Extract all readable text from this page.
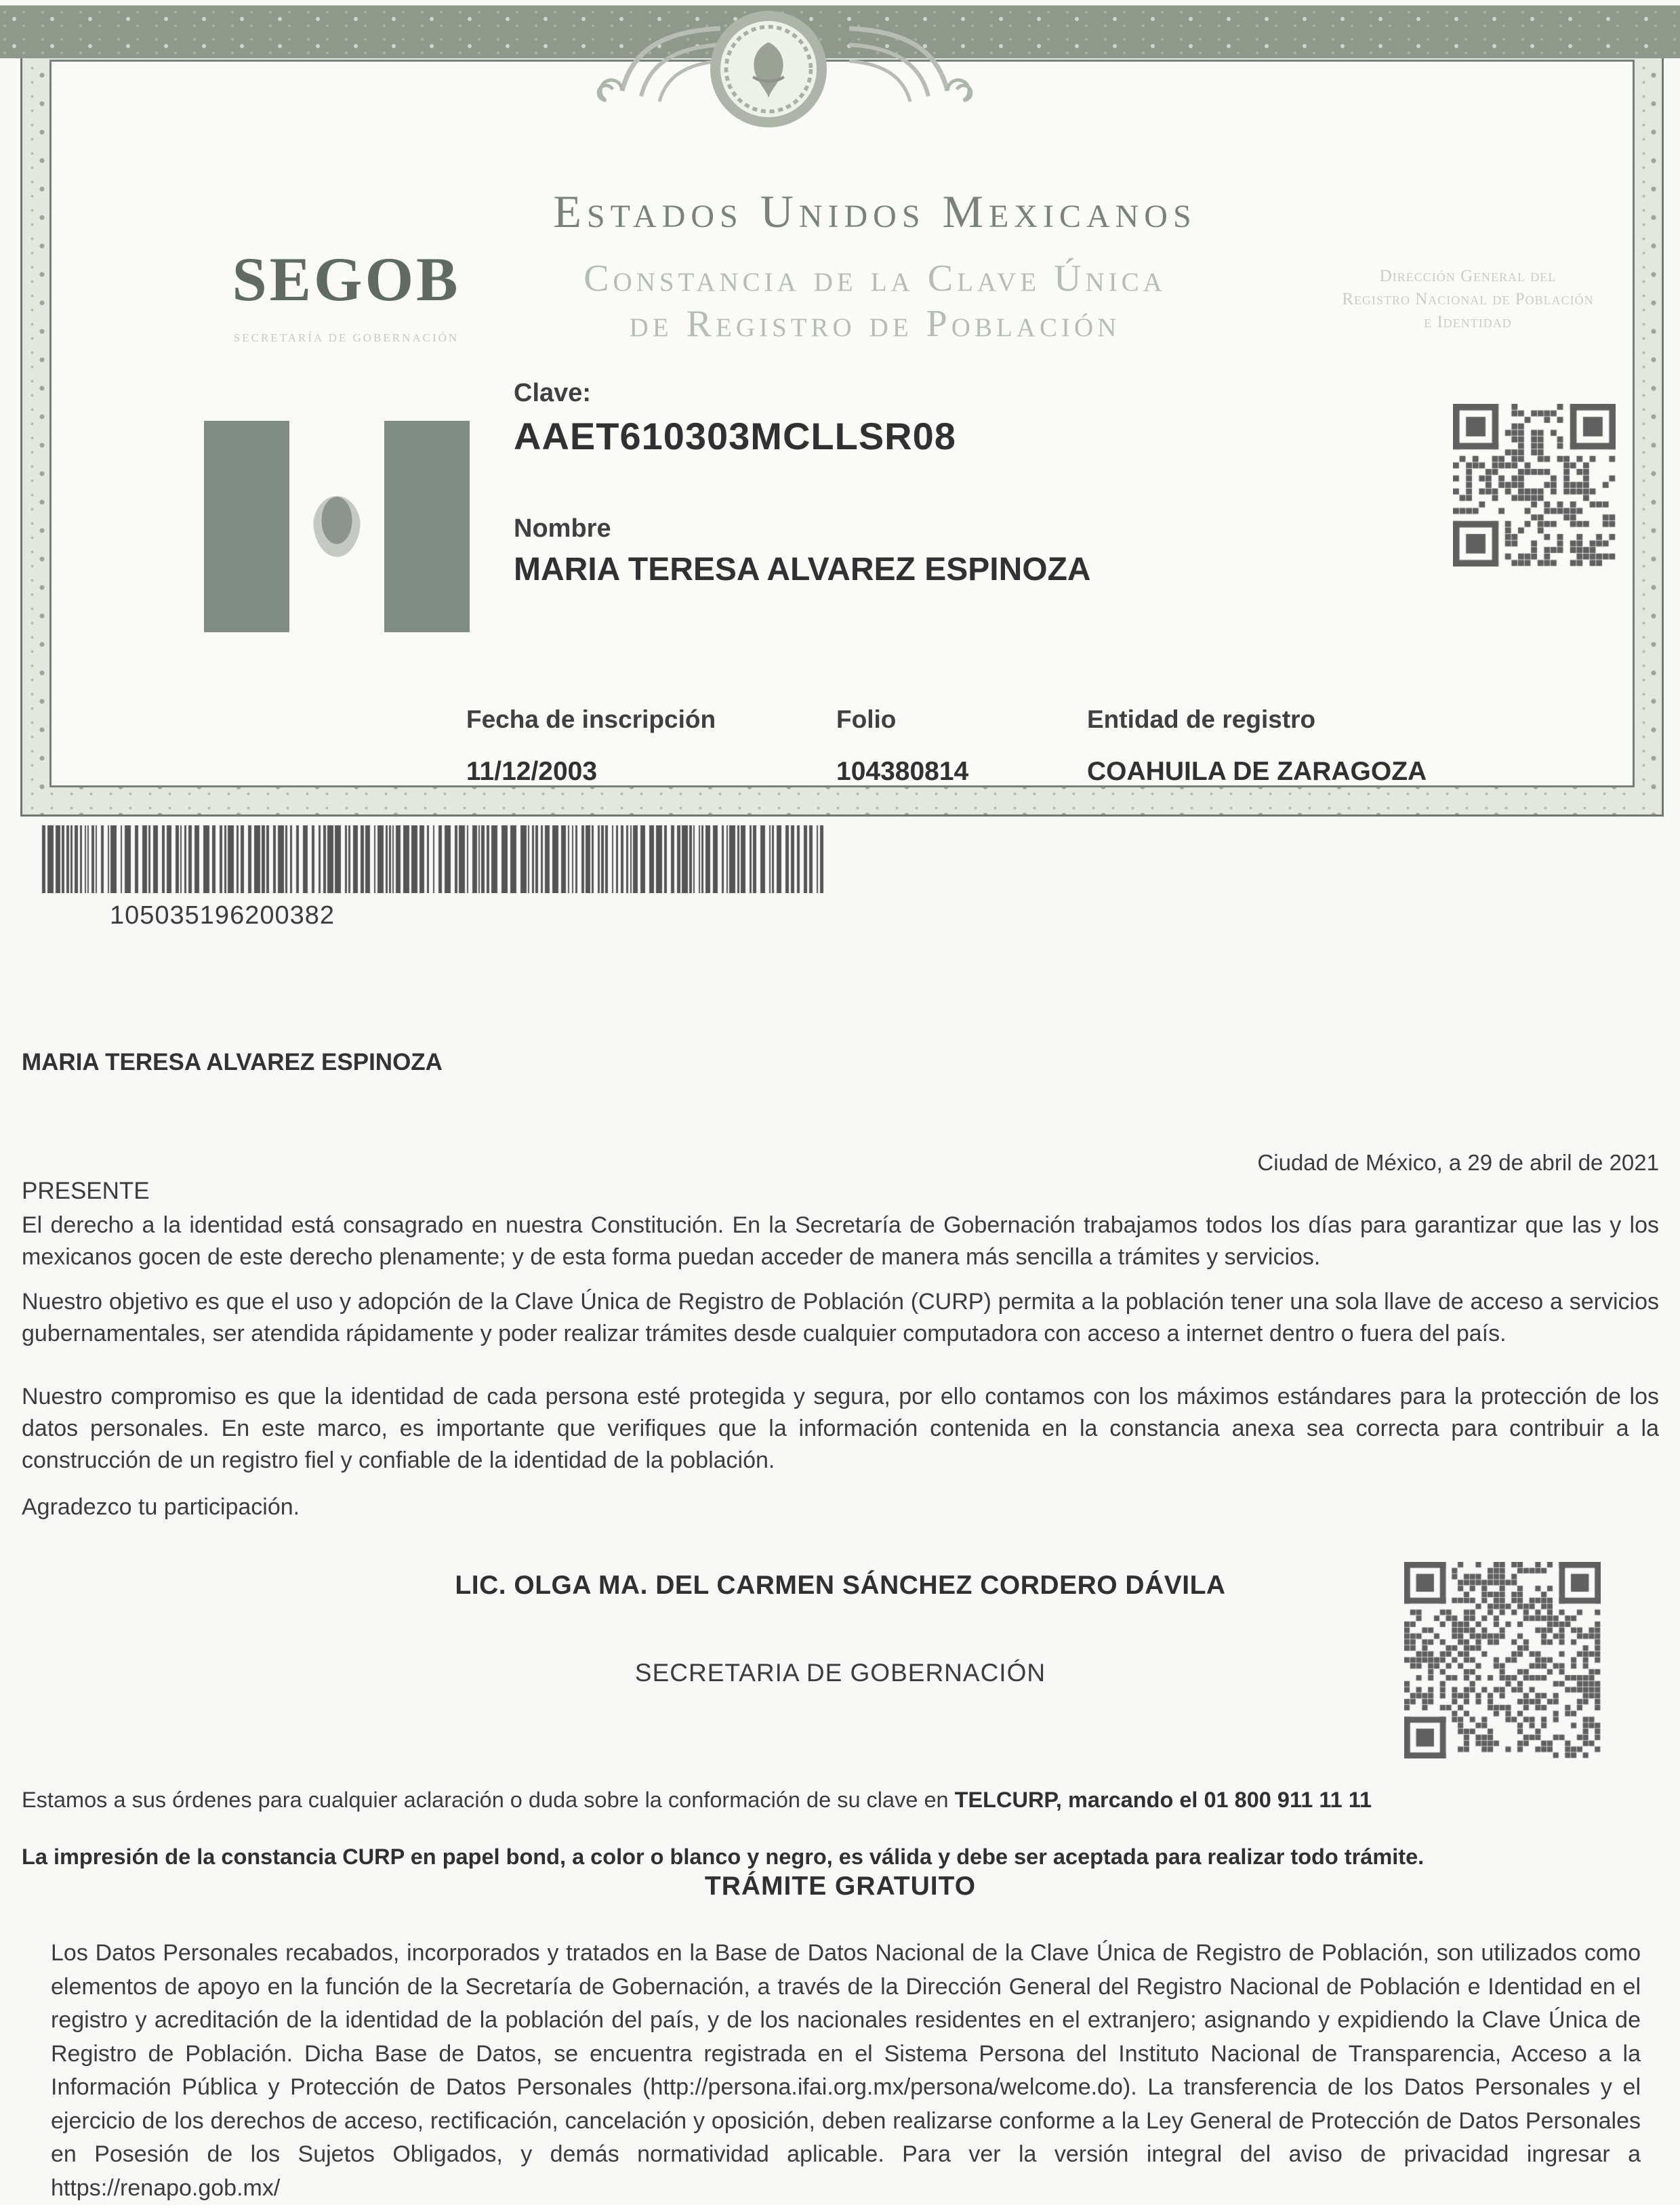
SEGOB
SECRETARÍA DE GOBERNACIÓN
Estados Unidos Mexicanos
Constancia de la Clave Única
de Registro de Población
Dirección General del
Registro Nacional de Población
e Identidad
Clave:
AAET610303MCLLSR08
Nombre
MARIA TERESA ALVAREZ ESPINOZA
Fecha de inscripción
11/12/2003
Folio
104380814
Entidad de registro
COAHUILA DE ZARAGOZA
105035196200382
MARIA TERESA ALVAREZ ESPINOZA
Ciudad de México, a 29 de abril de 2021
PRESENTE
El derecho a la identidad está consagrado en nuestra Constitución. En la Secretaría de Gobernación trabajamos todos los días para garantizar que las y los mexicanos gocen de este derecho plenamente; y de esta forma puedan acceder de manera más sencilla a trámites y servicios.
Nuestro objetivo es que el uso y adopción de la Clave Única de Registro de Población (CURP) permita a la población tener una sola llave de acceso a servicios gubernamentales, ser atendida rápidamente y poder realizar trámites desde cualquier computadora con acceso a internet dentro o fuera del país.
Nuestro compromiso es que la identidad de cada persona esté protegida y segura, por ello contamos con los máximos estándares para la protección de los datos personales. En este marco, es importante que verifiques que la información contenida en la constancia anexa sea correcta para contribuir a la construcción de un registro fiel y confiable de la identidad de la población.
Agradezco tu participación.
LIC. OLGA MA. DEL CARMEN SÁNCHEZ CORDERO DÁVILA
SECRETARIA DE GOBERNACIÓN
Estamos a sus órdenes para cualquier aclaración o duda sobre la conformación de su clave en TELCURP, marcando el 01 800 911 11 11
La impresión de la constancia CURP en papel bond, a color o blanco y negro, es válida y debe ser aceptada para realizar todo trámite.
TRÁMITE GRATUITO
Los Datos Personales recabados, incorporados y tratados en la Base de Datos Nacional de la Clave Única de Registro de Población, son utilizados como elementos de apoyo en la función de la Secretaría de Gobernación, a través de la Dirección General del Registro Nacional de Población e Identidad en el registro y acreditación de la identidad de la población del país, y de los nacionales residentes en el extranjero; asignando y expidiendo la Clave Única de Registro de Población. Dicha Base de Datos, se encuentra registrada en el Sistema Persona del Instituto Nacional de Transparencia, Acceso a la Información Pública y Protección de Datos Personales (http://persona.ifai.org.mx/persona/welcome.do). La transferencia de los Datos Personales y el ejercicio de los derechos de acceso, rectificación, cancelación y oposición, deben realizarse conforme a la Ley General de Protección de Datos Personales en Posesión de los Sujetos Obligados, y demás normatividad aplicable. Para ver la versión integral del aviso de privacidad ingresar a https://renapo.gob.mx/
